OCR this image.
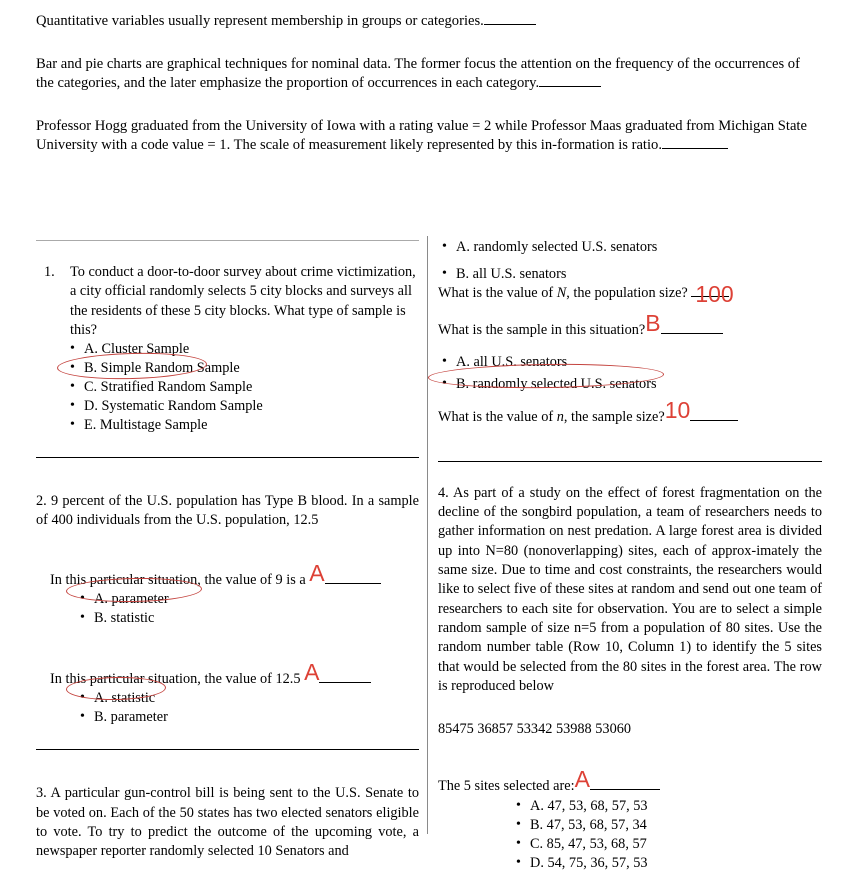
Quantitative variables usually represent membership in groups or categories.

Bar and pie charts are graphical techniques for nominal data. The former focus the attention on the frequency of the occurrences of the categories, and the later emphasize the proportion of occurrences in each category.

Professor Hogg graduated from the University of Iowa with a rating value = 2 while Professor Maas graduated from Michigan State University with a code value = 1. The scale of measurement likely represented by this in-formation is ratio.

1. To conduct a door-to-door survey about crime victimization, a city official randomly selects 5 city blocks and surveys all the residents of these 5 city blocks. What type of sample is this?
• A. Cluster Sample
• B. Simple Random Sample
• C. Stratified Random Sample
• D. Systematic Random Sample
• E. Multistage Sample
2. 9 percent of the U.S. population has Type B blood. In a sample of 400 individuals from the U.S. population, 12.5
In this particular situation, the value of 9 is a A
• A. parameter
• B. statistic
In this particular situation, the value of 12.5 A
• A. statistic
• B. parameter
3. A particular gun-control bill is being sent to the U.S. Senate to be voted on. Each of the 50 states has two elected senators eligible to vote. To try to predict the outcome of the upcoming vote, a newspaper reporter randomly selected 10 Senators and
• A. randomly selected U.S. senators
• B. all U.S. senators
What is the value of N, the population size? 100
What is the sample in this situation?B
• A. all U.S. senators
• B. randomly selected U.S. senators
What is the value of n, the sample size?10
4. As part of a study on the effect of forest fragmentation on the decline of the songbird population, a team of researchers needs to gather information on nest predation. A large forest area is divided up into N=80 (nonoverlapping) sites, each of approx-imately the same size. Due to time and cost constraints, the researchers would like to select five of these sites at random and send out one team of researchers to each site for observation. You are to select a simple random sample of size n=5 from a population of 80 sites. Use the random number table (Row 10, Column 1) to identify the 5 sites that would be selected from the 80 sites in the forest area. The row is reproduced below
85475 36857 53342 53988 53060
The 5 sites selected are:A
• A. 47, 53, 68, 57, 53
• B. 47, 53, 68, 57, 34
• C. 85, 47, 53, 68, 57
• D. 54, 75, 36, 57, 53
